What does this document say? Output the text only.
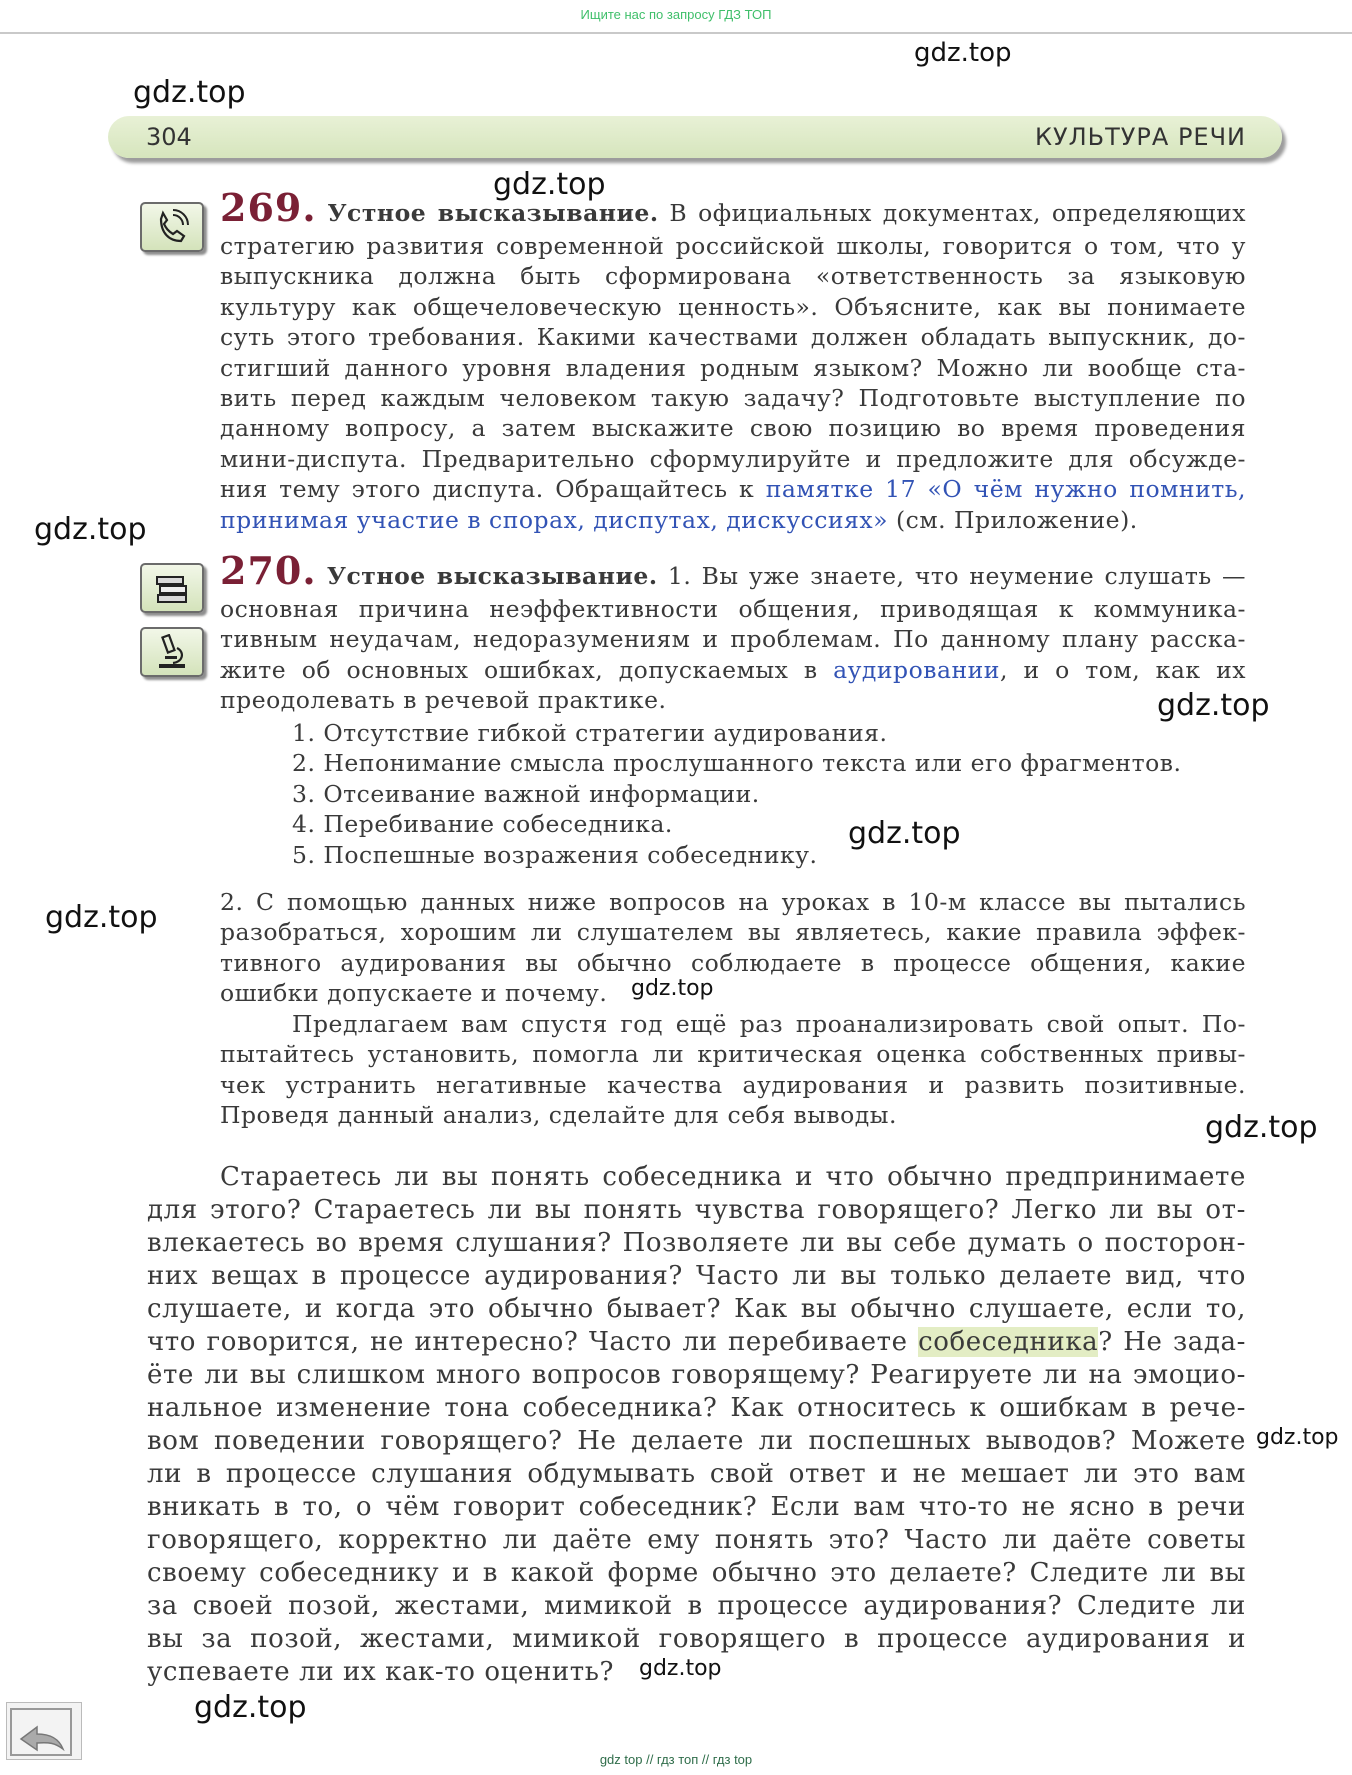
Ищите нас по запросу ГДЗ ТОП
gdz.top
gdz.top
gdz.top
gdz.top
gdz.top
gdz.top
gdz.top
gdz.top
gdz.top
gdz.top
gdz.top
gdz.top
304	КУЛЬТУРА РЕЧИ
269. Устное высказывание. В официальных документах, определяющих
стратегию развития современной российской школы, говорится о том, что у
выпускника должна быть сформирована «ответственность за языковую
культуру как общечеловеческую ценность». Объясните, как вы понимаете
суть этого требования. Какими качествами должен обладать выпускник, до-
стигший данного уровня владения родным языком? Можно ли вообще ста-
вить перед каждым человеком такую задачу? Подготовьте выступление по
данному вопросу, а затем выскажите свою позицию во время проведения
мини-диспута. Предварительно сформулируйте и предложите для обсужде-
ния тему этого диспута. Обращайтесь к памятке 17 «О чём нужно помнить,
принимая участие в спорах, диспутах, дискуссиях» (см. Приложение).
270. Устное высказывание. 1. Вы уже знаете, что неумение слушать —
основная причина неэффективности общения, приводящая к коммуника-
тивным неудачам, недоразумениям и проблемам. По данному плану расска-
жите об основных ошибках, допускаемых в аудировании, и о том, как их
преодолевать в речевой практике.
1. Отсутствие гибкой стратегии аудирования.
2. Непонимание смысла прослушанного текста или его фрагментов.
3. Отсеивание важной информации.
4. Перебивание собеседника.
5. Поспешные возражения собеседнику.
2. С помощью данных ниже вопросов на уроках в 10-м классе вы пытались
разобраться, хорошим ли слушателем вы являетесь, какие правила эффек-
тивного аудирования вы обычно соблюдаете в процессе общения, какие
ошибки допускаете и почему.
Предлагаем вам спустя год ещё раз проанализировать свой опыт. По-
пытайтесь установить, помогла ли критическая оценка собственных привы-
чек устранить негативные качества аудирования и развить позитивные.
Проведя данный анализ, сделайте для себя выводы.
Стараетесь ли вы понять собеседника и что обычно предпринимаете
для этого? Стараетесь ли вы понять чувства говорящего? Легко ли вы от-
влекаетесь во время слушания? Позволяете ли вы себе думать о посторон-
них вещах в процессе аудирования? Часто ли вы только делаете вид, что
слушаете, и когда это обычно бывает? Как вы обычно слушаете, если то,
что говорится, не интересно? Часто ли перебиваете собеседника? Не зада-
ёте ли вы слишком много вопросов говорящему? Реагируете ли на эмоцио-
нальное изменение тона собеседника? Как относитесь к ошибкам в рече-
вом поведении говорящего? Не делаете ли поспешных выводов? Можете
ли в процессе слушания обдумывать свой ответ и не мешает ли это вам
вникать в то, о чём говорит собеседник? Если вам что-то не ясно в речи
говорящего, корректно ли даёте ему понять это? Часто ли даёте советы
своему собеседнику и в какой форме обычно это делаете? Следите ли вы
за своей позой, жестами, мимикой в процессе аудирования? Следите ли
вы за позой, жестами, мимикой говорящего в процессе аудирования и
успеваете ли их как-то оценить?
gdz top // гдз топ // гдз top
